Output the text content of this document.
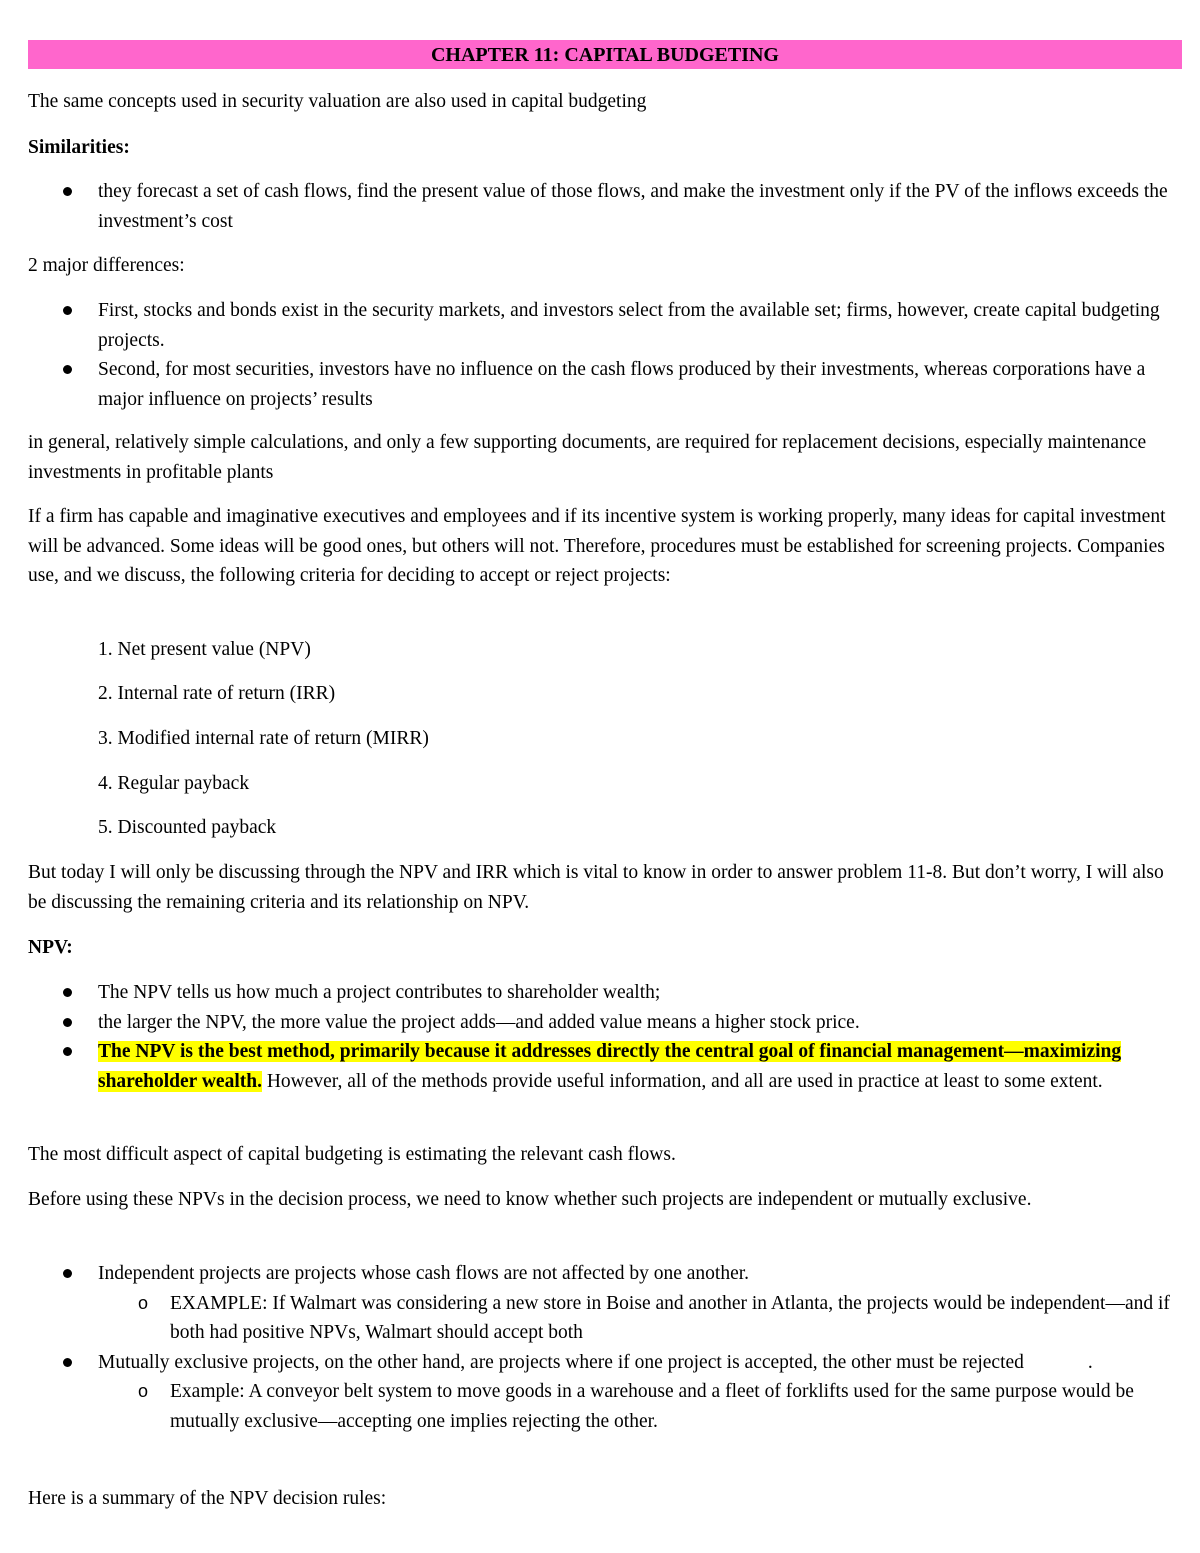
CHAPTER 11: CAPITAL BUDGETING

The same concepts used in security valuation are also used in capital budgeting

Similarities:

they forecast a set of cash flows, find the present value of those flows, and make the investment only if the PV of the inflows exceeds the investment’s cost

2 major differences:

First, stocks and bonds exist in the security markets, and investors select from the available set; firms, however, create capital budgeting projects.
Second, for most securities, investors have no influence on the cash flows produced by their investments, whereas corporations have a major influence on projects’ results

in general, relatively simple calculations, and only a few supporting documents, are required for replacement decisions, especially maintenance investments in profitable plants

If a firm has capable and imaginative executives and employees and if its incentive system is working properly, many ideas for capital investment will be advanced. Some ideas will be good ones, but others will not. Therefore, procedures must be established for screening projects. Companies use, and we discuss, the following criteria for deciding to accept or reject projects:

1. Net present value (NPV)

2. Internal rate of return (IRR)

3. Modified internal rate of return (MIRR)

4. Regular payback

5. Discounted payback

But today I will only be discussing through the NPV and IRR which is vital to know in order to answer problem 11-8. But don’t worry, I will also be discussing the remaining criteria and its relationship on NPV.

NPV:

The NPV tells us how much a project contributes to shareholder wealth;
the larger the NPV, the more value the project adds—and added value means a higher stock price.
The NPV is the best method, primarily because it addresses directly the central goal of financial management—maximizing shareholder wealth. However, all of the methods provide useful information, and all are used in practice at least to some extent.

The most difficult aspect of capital budgeting is estimating the relevant cash flows.

Before using these NPVs in the decision process, we need to know whether such projects are independent or mutually exclusive.

Independent projects are projects whose cash flows are not affected by one another.
o EXAMPLE: If Walmart was considering a new store in Boise and another in Atlanta, the projects would be independent—and if both had positive NPVs, Walmart should accept both
Mutually exclusive projects, on the other hand, are projects where if one project is accepted, the other must be rejected	.
o Example: A conveyor belt system to move goods in a warehouse and a fleet of forklifts used for the same purpose would be mutually exclusive—accepting one implies rejecting the other.

Here is a summary of the NPV decision rules:
